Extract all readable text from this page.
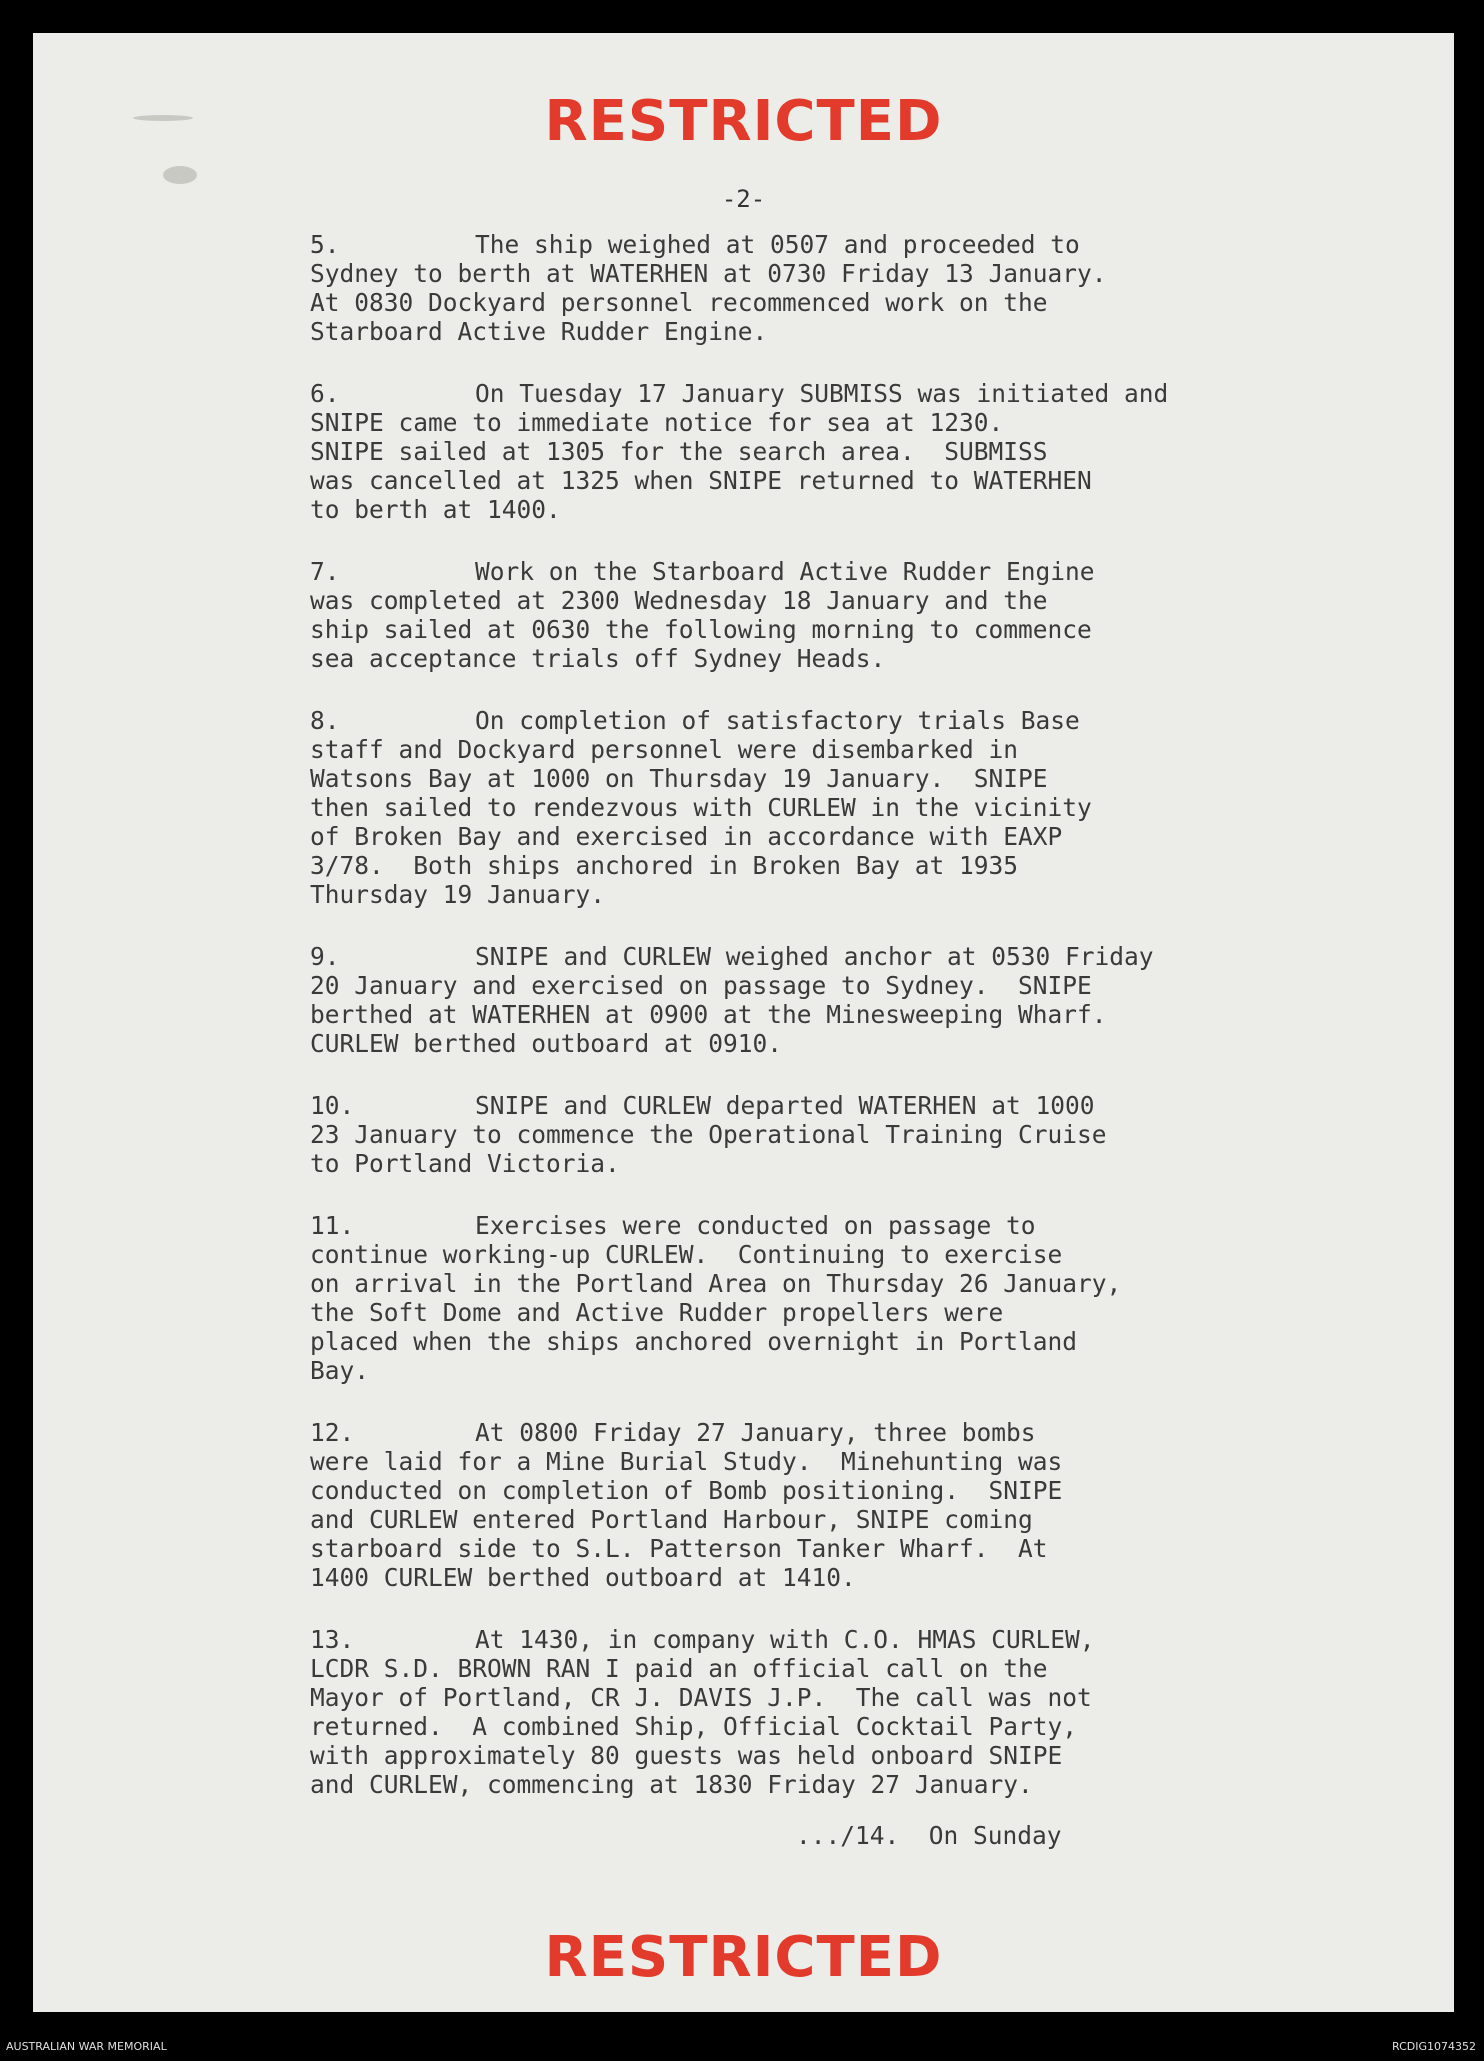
RESTRICTED
-2-
5.	The ship weighed at 0507 and proceeded to
Sydney to berth at WATERHEN at 0730 Friday 13 January.
At 0830 Dockyard personnel recommenced work on the
Starboard Active Rudder Engine.
6.	On Tuesday 17 January SUBMISS was initiated and
SNIPE came to immediate notice for sea at 1230.
SNIPE sailed at 1305 for the search area.  SUBMISS
was cancelled at 1325 when SNIPE returned to WATERHEN
to berth at 1400.
7.	Work on the Starboard Active Rudder Engine
was completed at 2300 Wednesday 18 January and the
ship sailed at 0630 the following morning to commence
sea acceptance trials off Sydney Heads.
8.	On completion of satisfactory trials Base
staff and Dockyard personnel were disembarked in
Watsons Bay at 1000 on Thursday 19 January.  SNIPE
then sailed to rendezvous with CURLEW in the vicinity
of Broken Bay and exercised in accordance with EAXP
3/78.  Both ships anchored in Broken Bay at 1935
Thursday 19 January.
9.	SNIPE and CURLEW weighed anchor at 0530 Friday
20 January and exercised on passage to Sydney.  SNIPE
berthed at WATERHEN at 0900 at the Minesweeping Wharf.
CURLEW berthed outboard at 0910.
10.	SNIPE and CURLEW departed WATERHEN at 1000
23 January to commence the Operational Training Cruise
to Portland Victoria.
11.	Exercises were conducted on passage to
continue working-up CURLEW.  Continuing to exercise
on arrival in the Portland Area on Thursday 26 January,
the Soft Dome and Active Rudder propellers were
placed when the ships anchored overnight in Portland
Bay.
12.	At 0800 Friday 27 January, three bombs
were laid for a Mine Burial Study.  Minehunting was
conducted on completion of Bomb positioning.  SNIPE
and CURLEW entered Portland Harbour, SNIPE coming
starboard side to S.L. Patterson Tanker Wharf.  At
1400 CURLEW berthed outboard at 1410.
13.	At 1430, in company with C.O. HMAS CURLEW,
LCDR S.D. BROWN RAN I paid an official call on the
Mayor of Portland, CR J. DAVIS J.P.  The call was not
returned.  A combined Ship, Official Cocktail Party,
with approximately 80 guests was held onboard SNIPE
and CURLEW, commencing at 1830 Friday 27 January.
.../14.  On Sunday
RESTRICTED
AUSTRALIAN WAR MEMORIAL	RCDIG1074352
